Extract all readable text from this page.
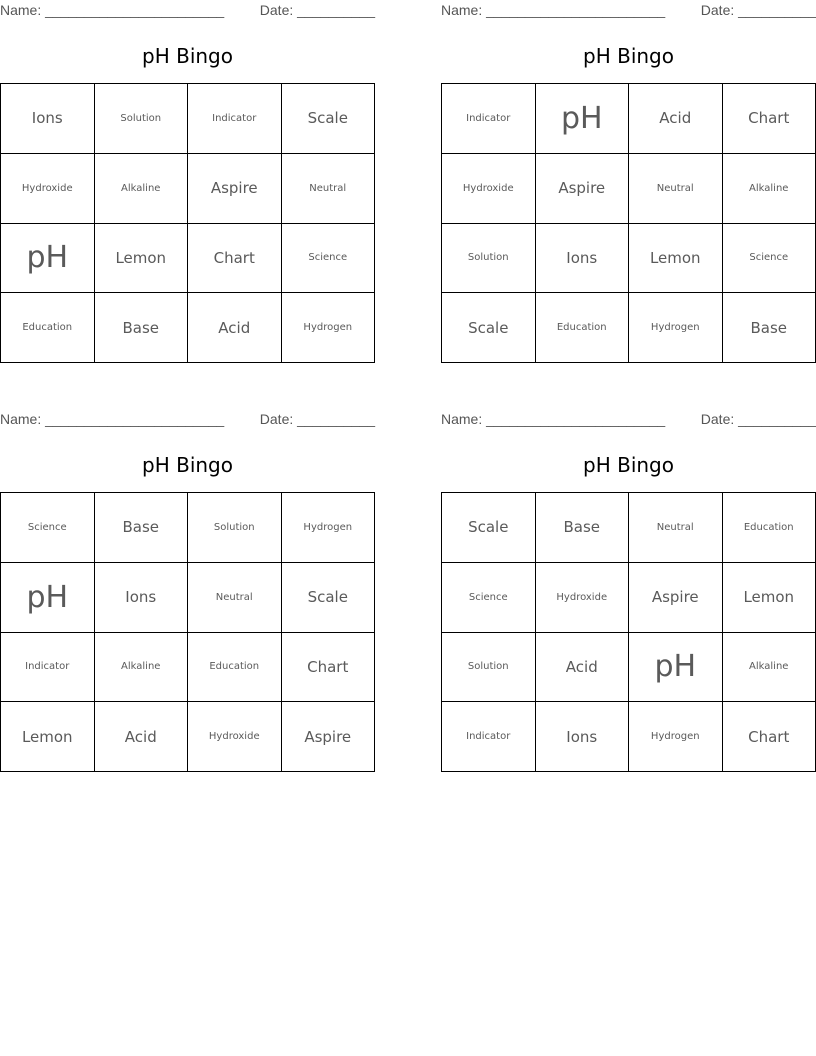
Name: _______________________	Date: __________
pH Bingo
Ions	Solution	Indicator	Scale
Hydroxide	Alkaline	Aspire	Neutral
pH	Lemon	Chart	Science
Education	Base	Acid	Hydrogen
Name: _______________________	Date: __________
pH Bingo
Indicator	pH	Acid	Chart
Hydroxide	Aspire	Neutral	Alkaline
Solution	Ions	Lemon	Science
Scale	Education	Hydrogen	Base
Name: _______________________	Date: __________
pH Bingo
Science	Base	Solution	Hydrogen
pH	Ions	Neutral	Scale
Indicator	Alkaline	Education	Chart
Lemon	Acid	Hydroxide	Aspire
Name: _______________________	Date: __________
pH Bingo
Scale	Base	Neutral	Education
Science	Hydroxide	Aspire	Lemon
Solution	Acid	pH	Alkaline
Indicator	Ions	Hydrogen	Chart
